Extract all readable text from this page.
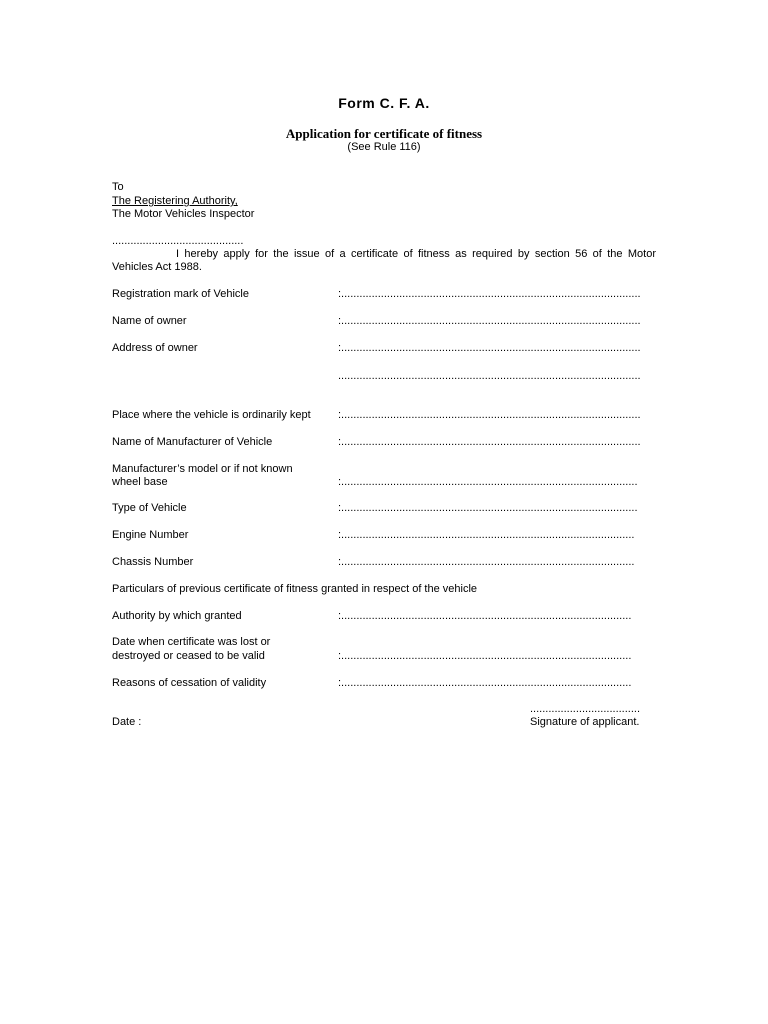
Form C. F. A.
Application for certificate of fitness
(See Rule 116)
To
The Registering Authority,
The Motor Vehicles Inspector
...........................................
I hereby apply for the issue of a certificate of fitness as required by section 56 of the Motor Vehicles Act 1988.
Registration mark of Vehicle	:..................................................................................................
Name of owner	:..................................................................................................
Address of owner	:..................................................................................................
...................................................................................................
Place where the vehicle is ordinarily kept :..................................................................................................
Name of Manufacturer of Vehicle	:..................................................................................................
Manufacturer’s model or if not known
wheel base	:.................................................................................................
Type of Vehicle	:.................................................................................................
Engine Number	:................................................................................................
Chassis Number	:................................................................................................
Particulars of previous certificate of fitness granted in respect of the vehicle
Authority by which granted	:...............................................................................................
Date when certificate was lost or
destroyed or ceased to be valid	:...............................................................................................
Reasons of cessation of validity	:...............................................................................................
....................................
Date :	Signature of applicant.
